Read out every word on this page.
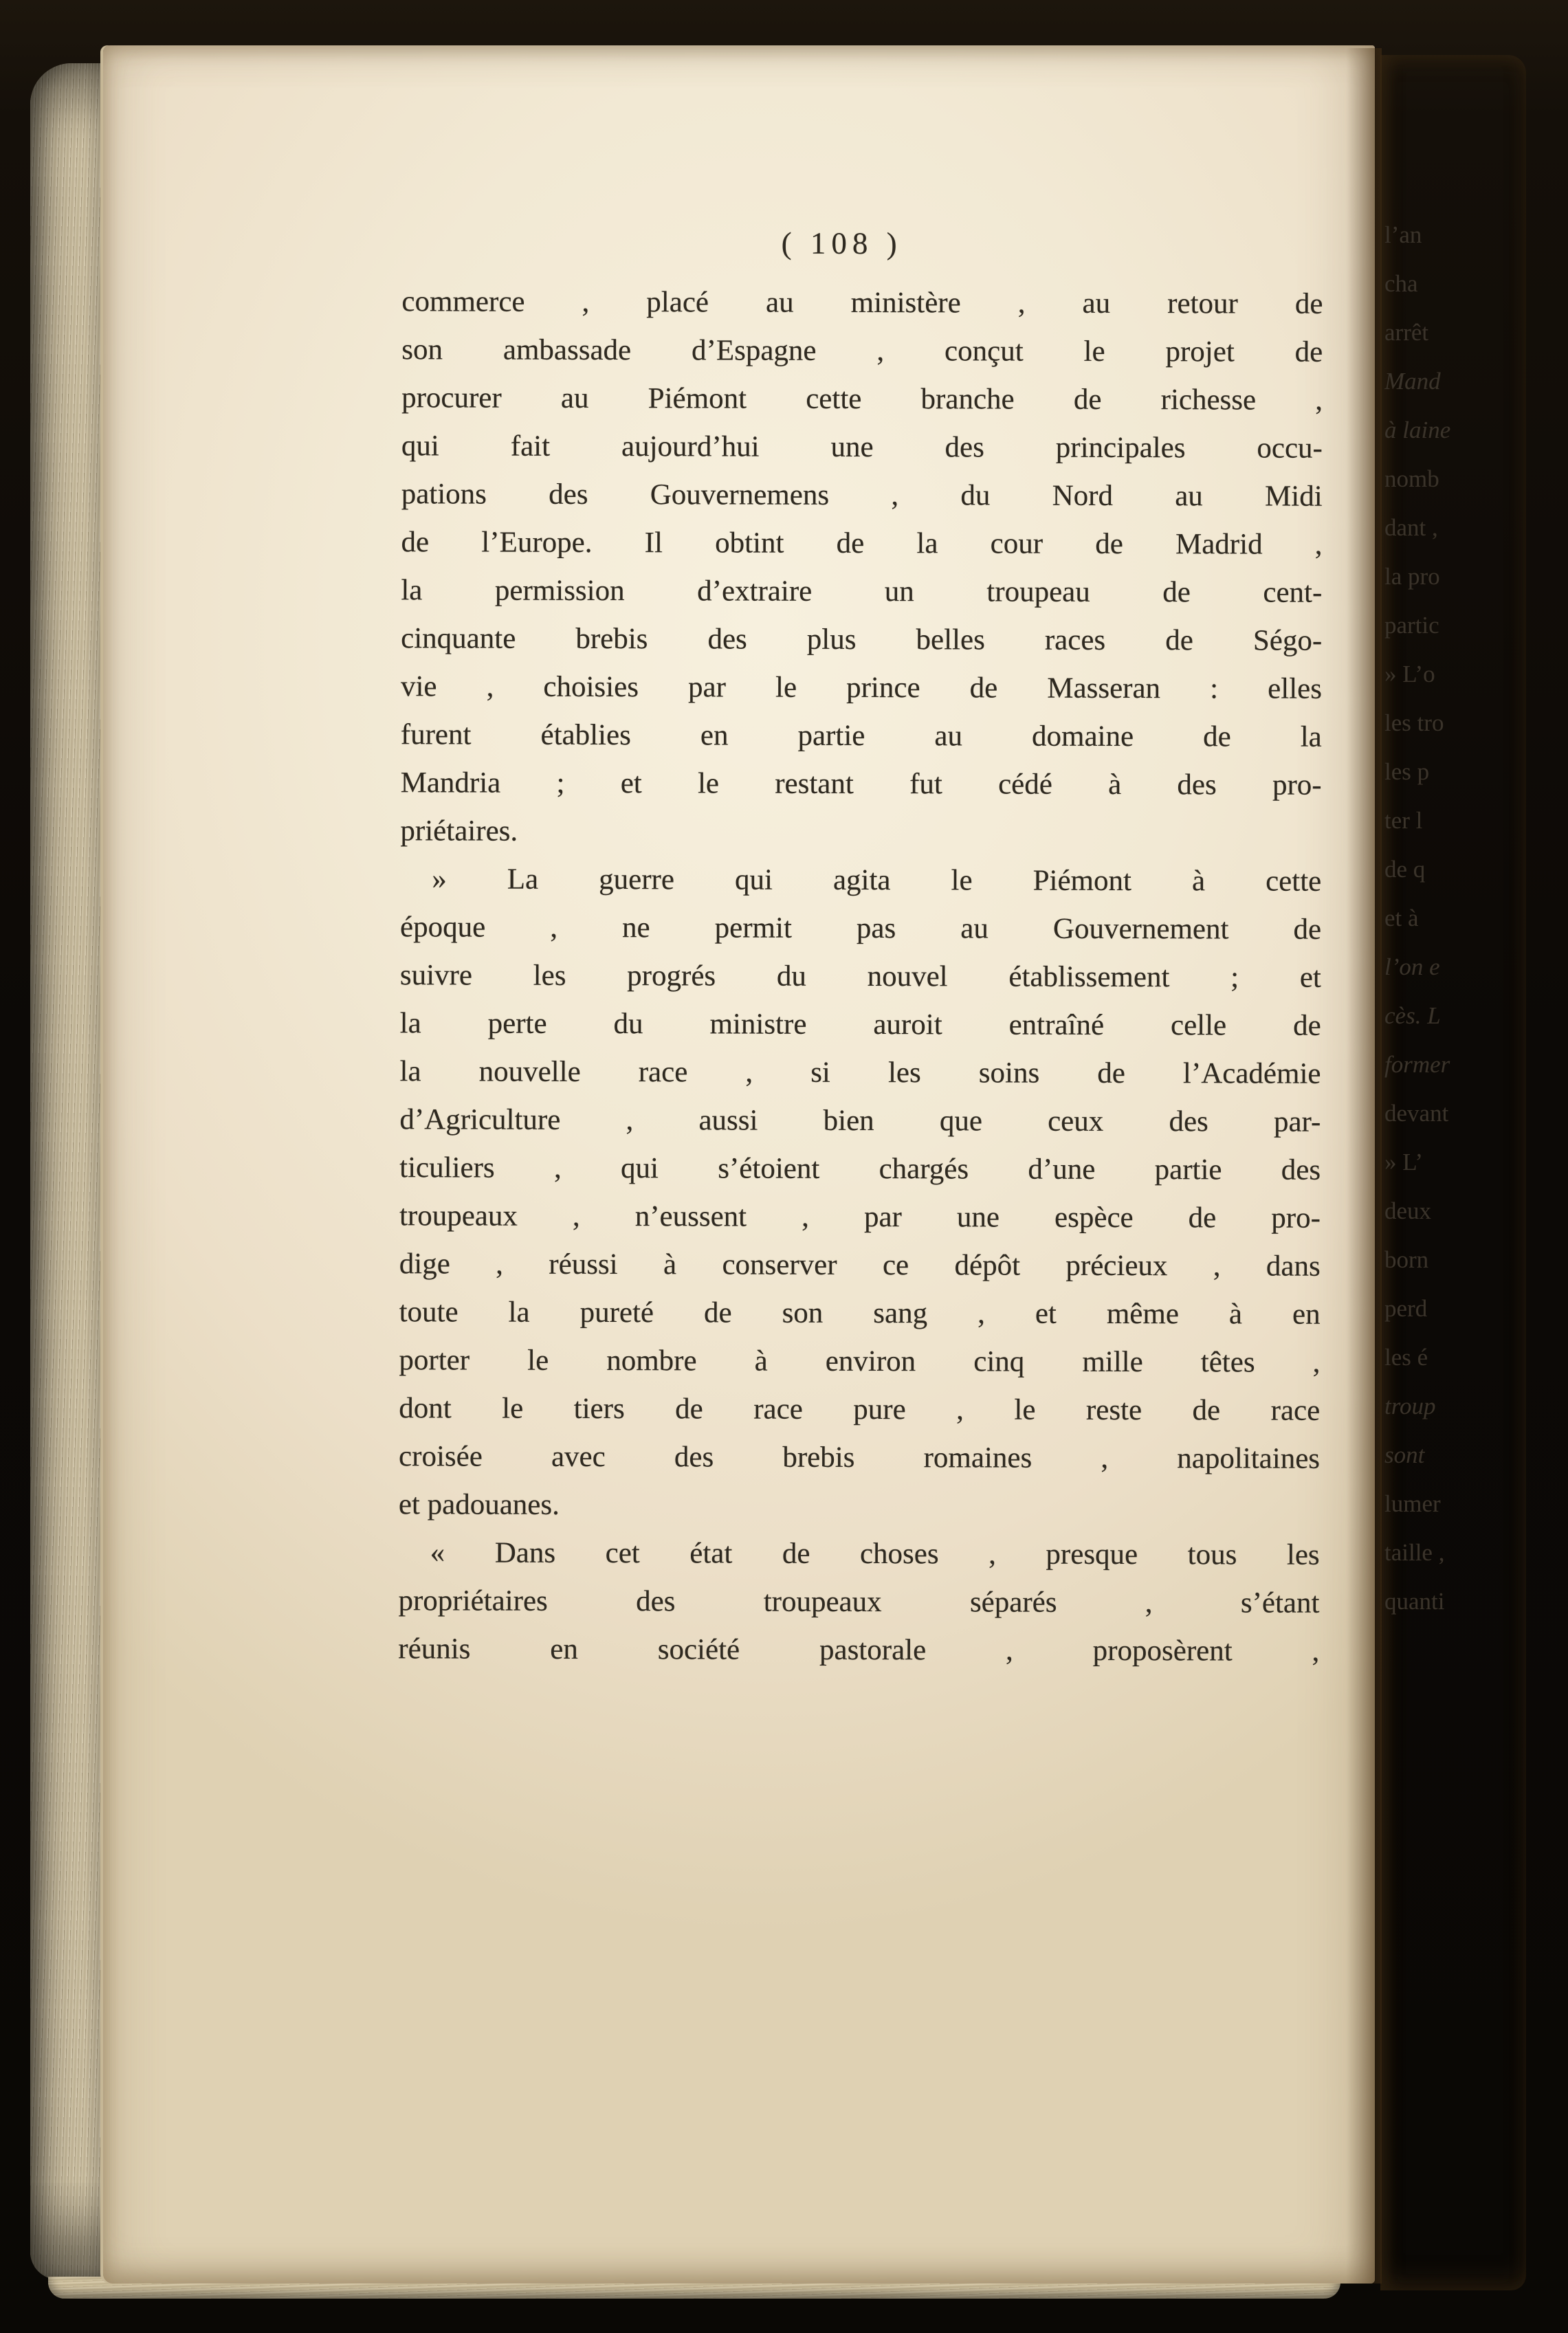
( 108 )
commerce , placé au ministère , au retour de
son ambassade d’Espagne , conçut le projet de
procurer au Piémont cette branche de richesse ,
qui fait aujourd’hui une des principales occu-
pations des Gouvernemens , du Nord au Midi
de l’Europe. Il obtint de la cour de Madrid ,
la permission d’extraire un troupeau de cent-
cinquante brebis des plus belles races de Ségo-
vie , choisies par le prince de Masseran : elles
furent établies en partie au domaine de la
Mandria ; et le restant fut cédé à des pro-
priétaires.
» La guerre qui agita le Piémont à cette
époque , ne permit pas au Gouvernement de
suivre les progrés du nouvel établissement ; et
la perte du ministre auroit entraîné celle de
la nouvelle race , si les soins de l’Académie
d’Agriculture , aussi bien que ceux des par-
ticuliers , qui s’étoient chargés d’une partie des
troupeaux , n’eussent , par une espèce de pro-
dige , réussi à conserver ce dépôt précieux , dans
toute la pureté de son sang , et même à en
porter le nombre à environ cinq mille têtes ,
dont le tiers de race pure , le reste de race
croisée avec des brebis romaines , napolitaines
et padouanes.
« Dans cet état de choses , presque tous les
propriétaires des troupeaux séparés , s’étant
réunis en société pastorale , proposèrent ,
l’an
cha
arrêt
Mand
à laine
nomb
dant ,
la pro
partic
» L’o
les tro
les p
ter l
de q
et à
l’on e
cès. L
former
devant
» L’
deux
born
perd
les é
troup
sont
lumer
taille ,
quanti
